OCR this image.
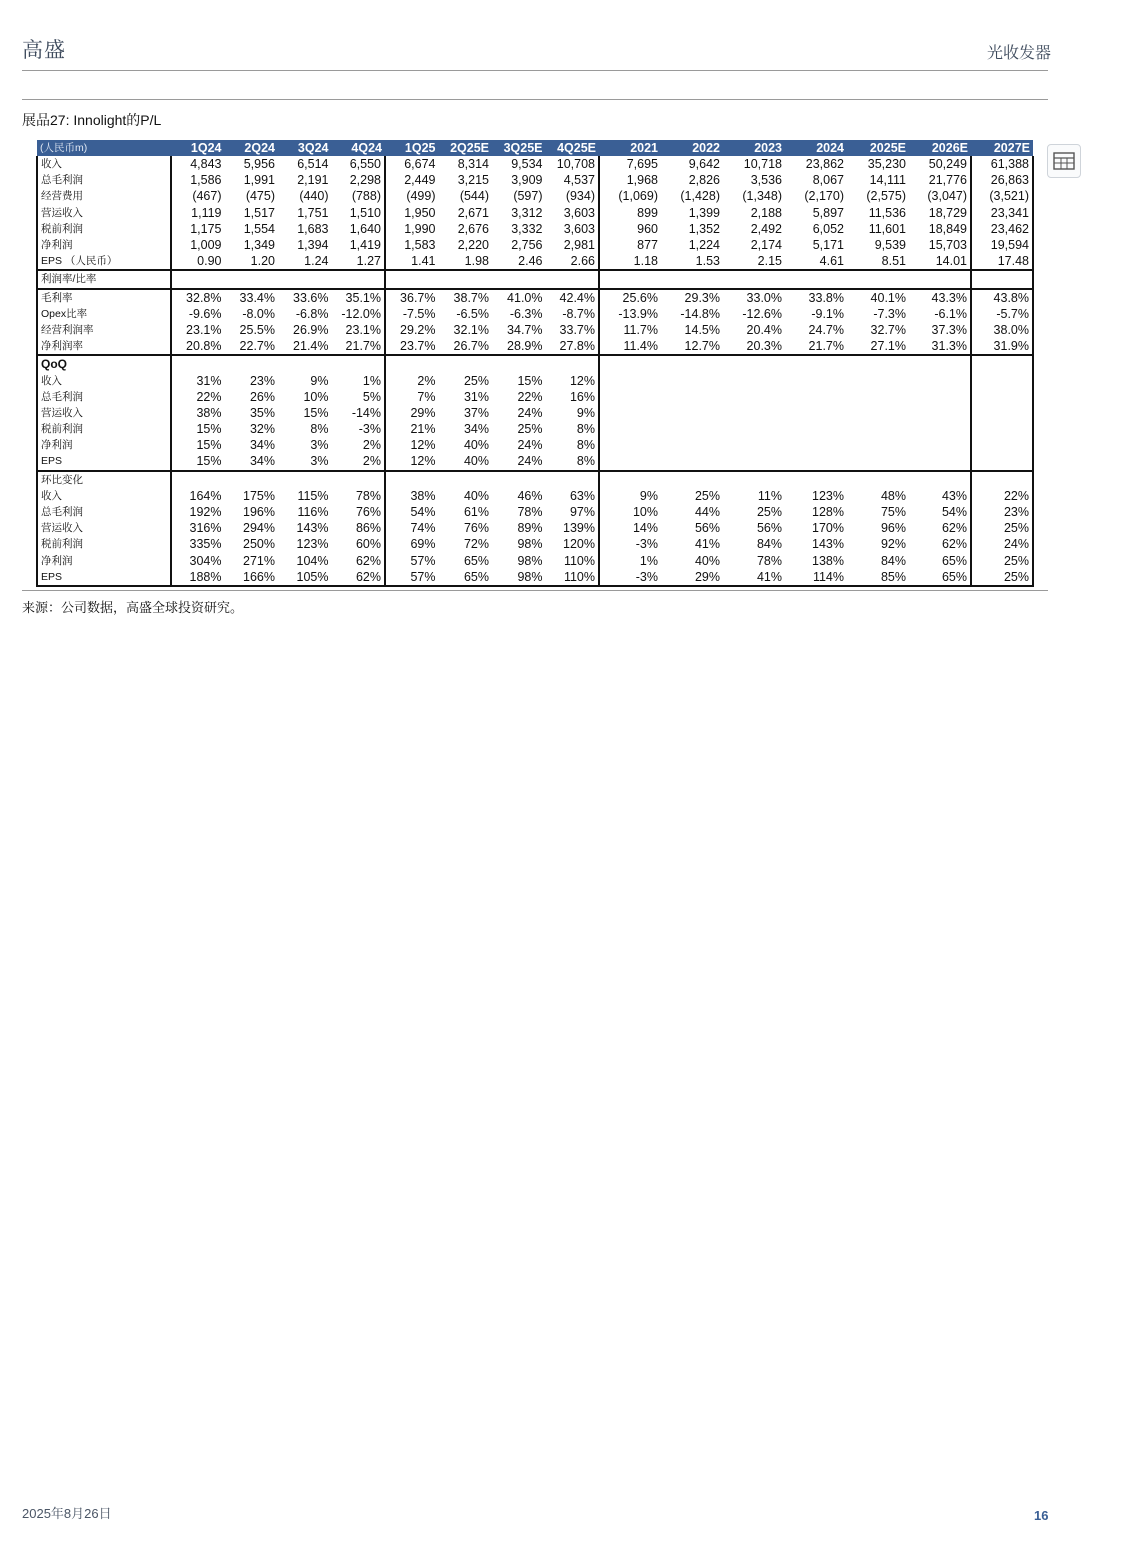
高盛	光收发器
展品27: Innolight的P/L
(人民币m)	1Q24	2Q24	3Q24	4Q24	1Q25	2Q25E	3Q25E	4Q25E	2021	2022	2023	2024	2025E	2026E	2027E
收入	4,843	5,956	6,514	6,550	6,674	8,314	9,534	10,708	7,695	9,642	10,718	23,862	35,230	50,249	61,388
总毛利润	1,586	1,991	2,191	2,298	2,449	3,215	3,909	4,537	1,968	2,826	3,536	8,067	14,111	21,776	26,863
经营费用	(467)	(475)	(440)	(788)	(499)	(544)	(597)	(934)	(1,069)	(1,428)	(1,348)	(2,170)	(2,575)	(3,047)	(3,521)
营运收入	1,119	1,517	1,751	1,510	1,950	2,671	3,312	3,603	899	1,399	2,188	5,897	11,536	18,729	23,341
税前利润	1,175	1,554	1,683	1,640	1,990	2,676	3,332	3,603	960	1,352	2,492	6,052	11,601	18,849	23,462
净利润	1,009	1,349	1,394	1,419	1,583	2,220	2,756	2,981	877	1,224	2,174	5,171	9,539	15,703	19,594
EPS （人民币）	0.90	1.20	1.24	1.27	1.41	1.98	2.46	2.66	1.18	1.53	2.15	4.61	8.51	14.01	17.48
利润率/比率															
毛利率	32.8%	33.4%	33.6%	35.1%	36.7%	38.7%	41.0%	42.4%	25.6%	29.3%	33.0%	33.8%	40.1%	43.3%	43.8%
Opex比率	-9.6%	-8.0%	-6.8%	-12.0%	-7.5%	-6.5%	-6.3%	-8.7%	-13.9%	-14.8%	-12.6%	-9.1%	-7.3%	-6.1%	-5.7%
经营利润率	23.1%	25.5%	26.9%	23.1%	29.2%	32.1%	34.7%	33.7%	11.7%	14.5%	20.4%	24.7%	32.7%	37.3%	38.0%
净利润率	20.8%	22.7%	21.4%	21.7%	23.7%	26.7%	28.9%	27.8%	11.4%	12.7%	20.3%	21.7%	27.1%	31.3%	31.9%
QoQ															
收入	31%	23%	9%	1%	2%	25%	15%	12%							
总毛利润	22%	26%	10%	5%	7%	31%	22%	16%							
营运收入	38%	35%	15%	-14%	29%	37%	24%	9%							
税前利润	15%	32%	8%	-3%	21%	34%	25%	8%							
净利润	15%	34%	3%	2%	12%	40%	24%	8%							
EPS	15%	34%	3%	2%	12%	40%	24%	8%							
环比变化															
收入	164%	175%	115%	78%	38%	40%	46%	63%	9%	25%	11%	123%	48%	43%	22%
总毛利润	192%	196%	116%	76%	54%	61%	78%	97%	10%	44%	25%	128%	75%	54%	23%
营运收入	316%	294%	143%	86%	74%	76%	89%	139%	14%	56%	56%	170%	96%	62%	25%
税前利润	335%	250%	123%	60%	69%	72%	98%	120%	-3%	41%	84%	143%	92%	62%	24%
净利润	304%	271%	104%	62%	57%	65%	98%	110%	1%	40%	78%	138%	84%	65%	25%
EPS	188%	166%	105%	62%	57%	65%	98%	110%	-3%	29%	41%	114%	85%	65%	25%
来源：公司数据，高盛全球投资研究。
2025年8月26日	16
